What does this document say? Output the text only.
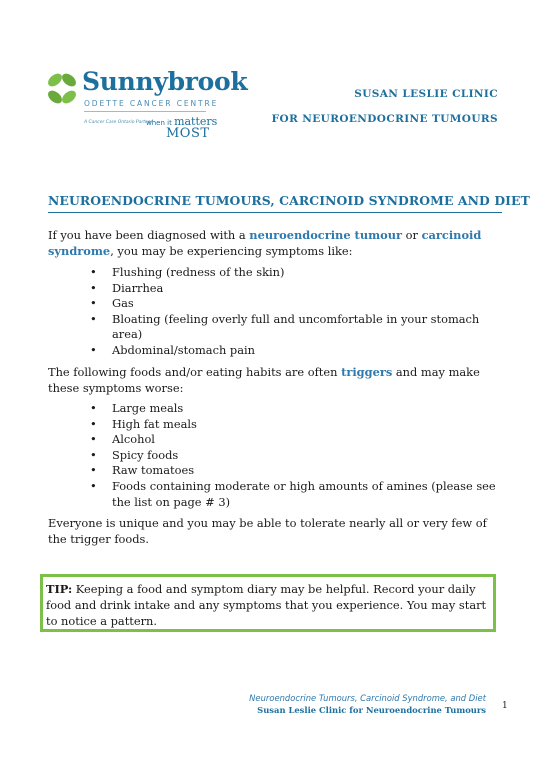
Sunnybrook
ODETTE CANCER CENTRE
A Cancer Care Ontario Partner
when it matters
MOST
SUSAN LESLIE CLINIC
FOR NEUROENDOCRINE TUMOURS
NEUROENDOCRINE TUMOURS, CARCINOID SYNDROME AND DIET
If you have been diagnosed with a neuroendocrine tumour or carcinoid syndrome, you may be experiencing symptoms like:
• Flushing (redness of the skin)
• Diarrhea
• Gas
• Bloating (feeling overly full and uncomfortable in your stomach area)
• Abdominal/stomach pain
The following foods and/or eating habits are often triggers and may make these symptoms worse:
• Large meals
• High fat meals
• Alcohol
• Spicy foods
• Raw tomatoes
• Foods containing moderate or high amounts of amines (please see the list on page # 3)
Everyone is unique and you may be able to tolerate nearly all or very few of the trigger foods.
TIP: Keeping a food and symptom diary may be helpful. Record your daily food and drink intake and any symptoms that you experience. You may start to notice a pattern.
Neuroendocrine Tumours, Carcinoid Syndrome, and Diet
Susan Leslie Clinic for Neuroendocrine Tumours 1
